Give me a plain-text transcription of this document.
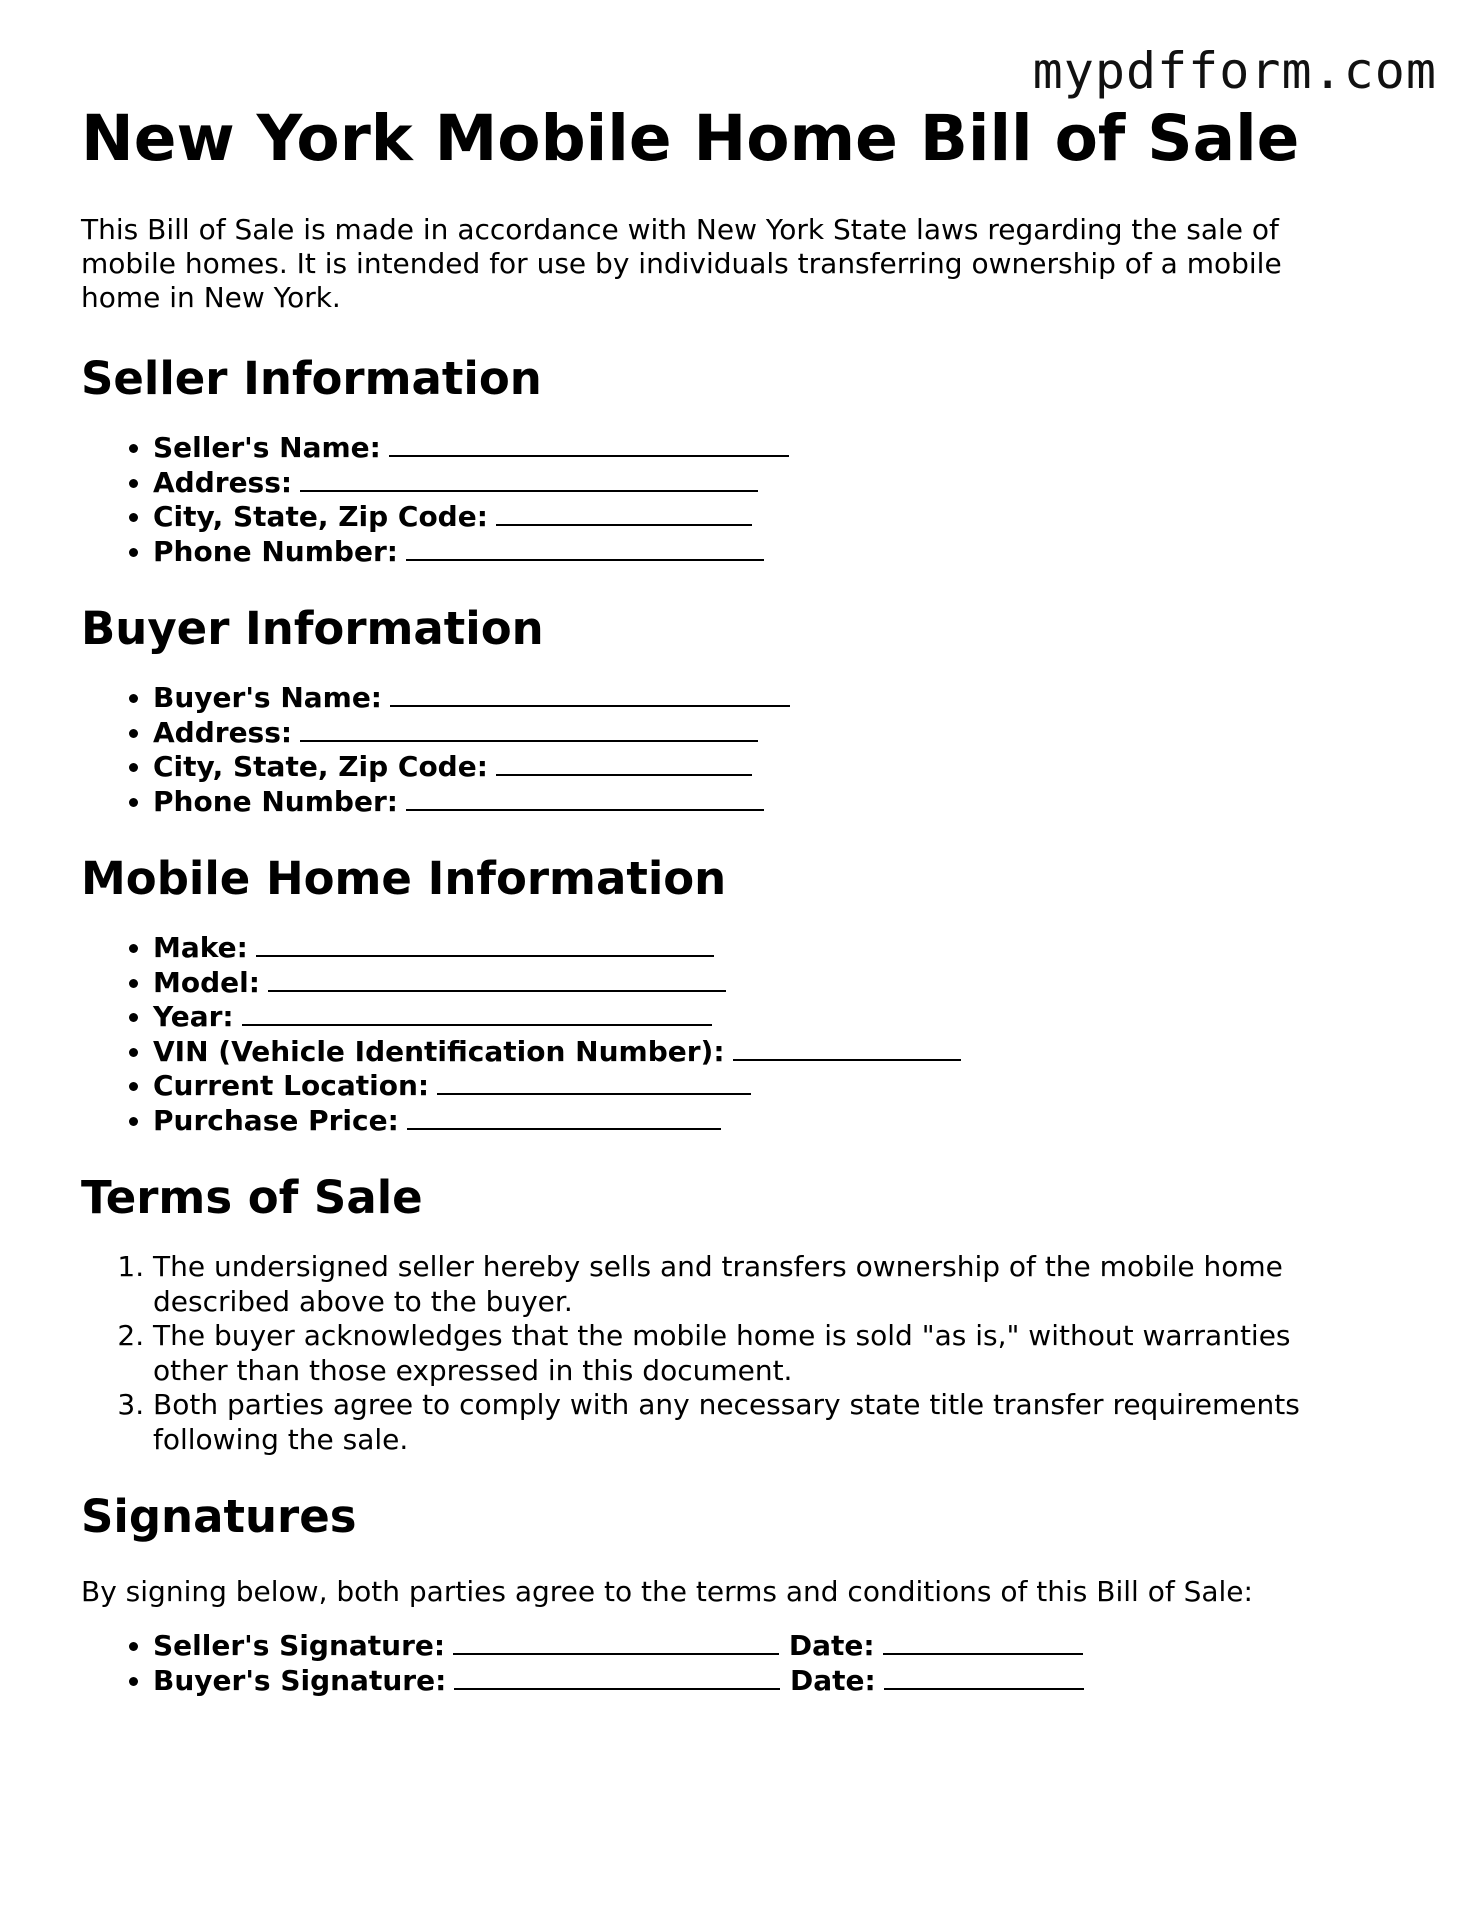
mypdfform.com
New York Mobile Home Bill of Sale

This Bill of Sale is made in accordance with New York State laws regarding the sale of mobile homes. It is intended for use by individuals transferring ownership of a mobile home in New York.

Seller Information
• Seller's Name:
• Address:
• City, State, Zip Code:
• Phone Number:
Buyer Information
• Buyer's Name:
• Address:
• City, State, Zip Code:
• Phone Number:
Mobile Home Information
• Make:
• Model:
• Year:
• VIN (Vehicle Identification Number):
• Current Location:
• Purchase Price:
Terms of Sale
1. The undersigned seller hereby sells and transfers ownership of the mobile home described above to the buyer.
2. The buyer acknowledges that the mobile home is sold "as is," without warranties other than those expressed in this document.
3. Both parties agree to comply with any necessary state title transfer requirements following the sale.
Signatures

By signing below, both parties agree to the terms and conditions of this Bill of Sale:

• Seller's Signature:	Date:
• Buyer's Signature:	Date:
